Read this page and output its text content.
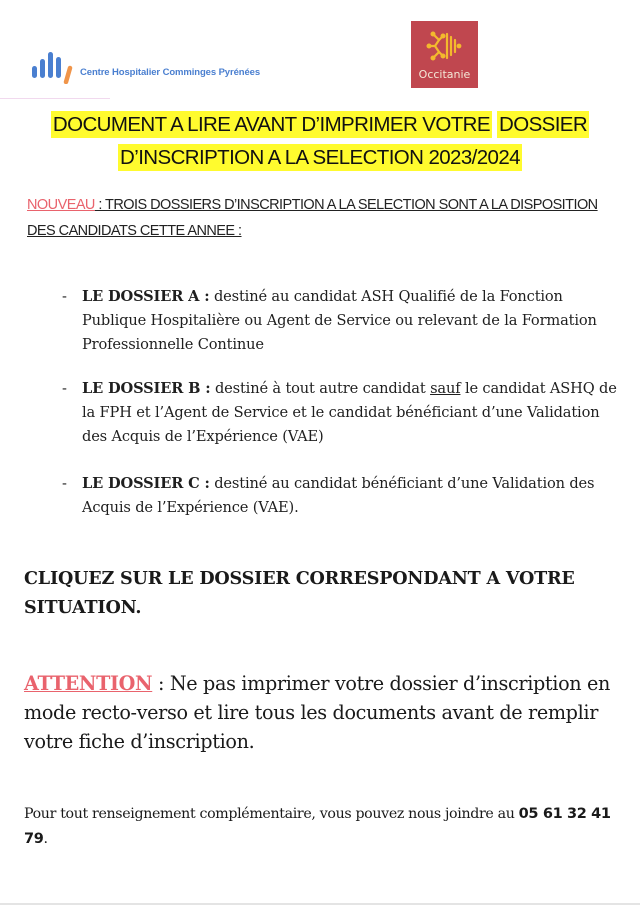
Centre Hospitalier Comminges Pyrénées	Occitanie
DOCUMENT A LIRE AVANT D’IMPRIMER VOTRE DOSSIER
D’INSCRIPTION A LA SELECTION 2023/2024
NOUVEAU : TROIS DOSSIERS D’INSCRIPTION A LA SELECTION SONT A LA DISPOSITION DES CANDIDATS CETTE ANNEE :
- LE DOSSIER A : destiné au candidat ASH Qualifié de la Fonction Publique Hospitalière ou Agent de Service ou relevant de la Formation Professionnelle Continue
- LE DOSSIER B : destiné à tout autre candidat sauf le candidat ASHQ de la FPH et l’Agent de Service et le candidat bénéficiant d’une Validation des Acquis de l’Expérience (VAE)
- LE DOSSIER C : destiné au candidat bénéficiant d’une Validation des Acquis de l’Expérience (VAE).
CLIQUEZ SUR LE DOSSIER CORRESPONDANT A VOTRE SITUATION.
ATTENTION : Ne pas imprimer votre dossier d’inscription en mode recto-verso et lire tous les documents avant de remplir votre fiche d’inscription.
Pour tout renseignement complémentaire, vous pouvez nous joindre au 05 61 32 41 79.
